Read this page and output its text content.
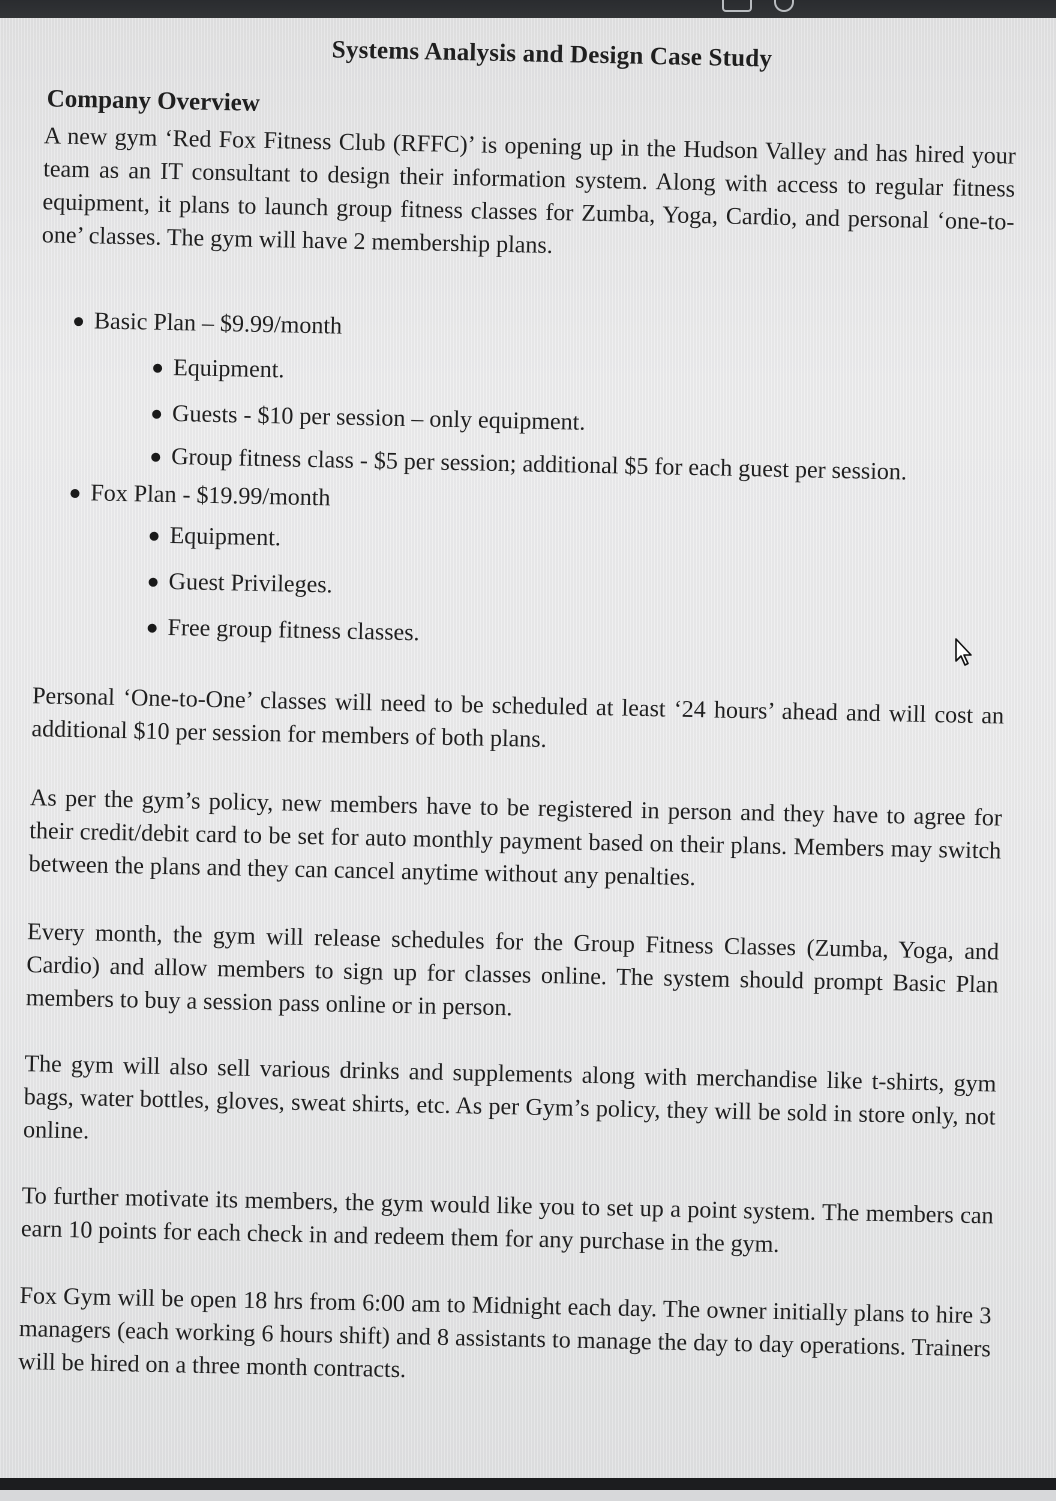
Systems Analysis and Design Case Study
Company Overview
A new gym ‘Red Fox Fitness Club (RFFC)’ is opening up in the Hudson Valley and has hired your team as an IT consultant to design their information system. Along with access to regular fitness equipment, it plans to launch group fitness classes for Zumba, Yoga, Cardio, and personal ‘one-to-one’ classes. The gym will have 2 membership plans.
Basic Plan – $9.99/month
Equipment.
Guests - $10 per session – only equipment.
Group fitness class - $5 per session; additional $5 for each guest per session.
Fox Plan - $19.99/month
Equipment.
Guest Privileges.
Free group fitness classes.
Personal ‘One-to-One’ classes will need to be scheduled at least ‘24 hours’ ahead and will cost an additional $10 per session for members of both plans.
As per the gym’s policy, new members have to be registered in person and they have to agree for their credit/debit card to be set for auto monthly payment based on their plans. Members may switch between the plans and they can cancel anytime without any penalties.
Every month, the gym will release schedules for the Group Fitness Classes (Zumba, Yoga, and Cardio) and allow members to sign up for classes online. The system should prompt Basic Plan members to buy a session pass online or in person.
The gym will also sell various drinks and supplements along with merchandise like t-shirts, gym bags, water bottles, gloves, sweat shirts, etc. As per Gym’s policy, they will be sold in store only, not online.
To further motivate its members, the gym would like you to set up a point system. The members can earn 10 points for each check in and redeem them for any purchase in the gym.
Fox Gym will be open 18 hrs from 6:00 am to Midnight each day. The owner initially plans to hire 3 managers (each working 6 hours shift) and 8 assistants to manage the day to day operations. Trainers will be hired on a three month contracts.
